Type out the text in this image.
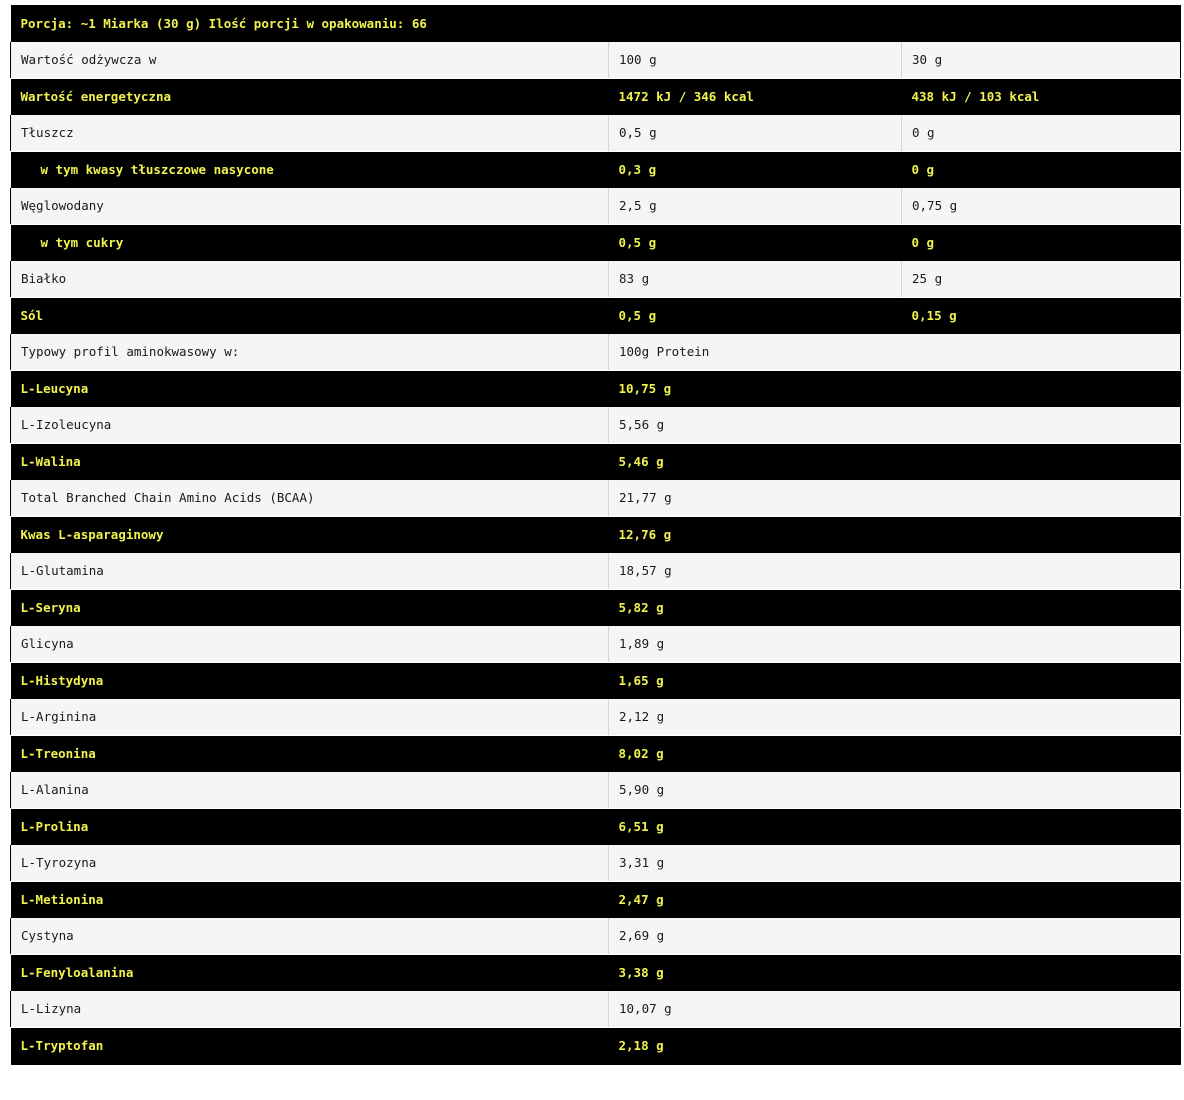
Porcja: ~1 Miarka (30 g) Ilość porcji w opakowaniu: 66		
Wartość odżywcza w	100 g	30 g
Wartość energetyczna	1472 kJ / 346 kcal	438 kJ / 103 kcal
Tłuszcz	0,5 g	0 g
w tym kwasy tłuszczowe nasycone	0,3 g	0 g
Węglowodany	2,5 g	0,75 g
w tym cukry	0,5 g	0 g
Białko	83 g	25 g
Sól	0,5 g	0,15 g
Typowy profil aminokwasowy w:	100g Protein	
L-Leucyna	10,75 g	
L-Izoleucyna	5,56 g	
L-Walina	5,46 g	
Total Branched Chain Amino Acids (BCAA)	21,77 g	
Kwas L-asparaginowy	12,76 g	
L-Glutamina	18,57 g	
L-Seryna	5,82 g	
Glicyna	1,89 g	
L-Histydyna	1,65 g	
L-Arginina	2,12 g	
L-Treonina	8,02 g	
L-Alanina	5,90 g	
L-Prolina	6,51 g	
L-Tyrozyna	3,31 g	
L-Metionina	2,47 g	
Cystyna	2,69 g	
L-Fenyloalanina	3,38 g	
L-Lizyna	10,07 g	
L-Tryptofan	2,18 g	
